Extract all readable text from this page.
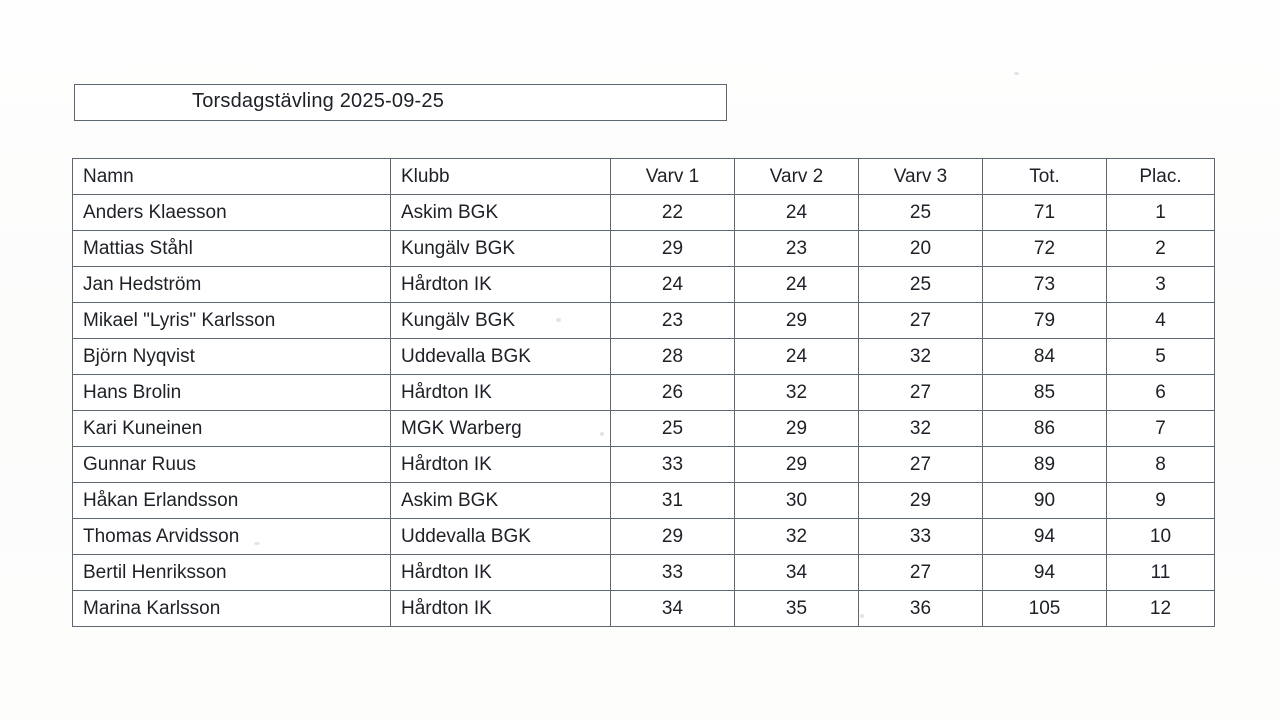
Torsdagstävling 2025-09-25
Namn	Klubb	Varv 1	Varv 2	Varv 3	Tot.	Plac.
Anders Klaesson	Askim BGK	22	24	25	71	1
Mattias Ståhl	Kungälv BGK	29	23	20	72	2
Jan Hedström	Hårdton IK	24	24	25	73	3
Mikael "Lyris" Karlsson	Kungälv BGK	23	29	27	79	4
Björn Nyqvist	Uddevalla BGK	28	24	32	84	5
Hans Brolin	Hårdton IK	26	32	27	85	6
Kari Kuneinen	MGK Warberg	25	29	32	86	7
Gunnar Ruus	Hårdton IK	33	29	27	89	8
Håkan Erlandsson	Askim BGK	31	30	29	90	9
Thomas Arvidsson	Uddevalla BGK	29	32	33	94	10
Bertil Henriksson	Hårdton IK	33	34	27	94	11
Marina Karlsson	Hårdton IK	34	35	36	105	12
